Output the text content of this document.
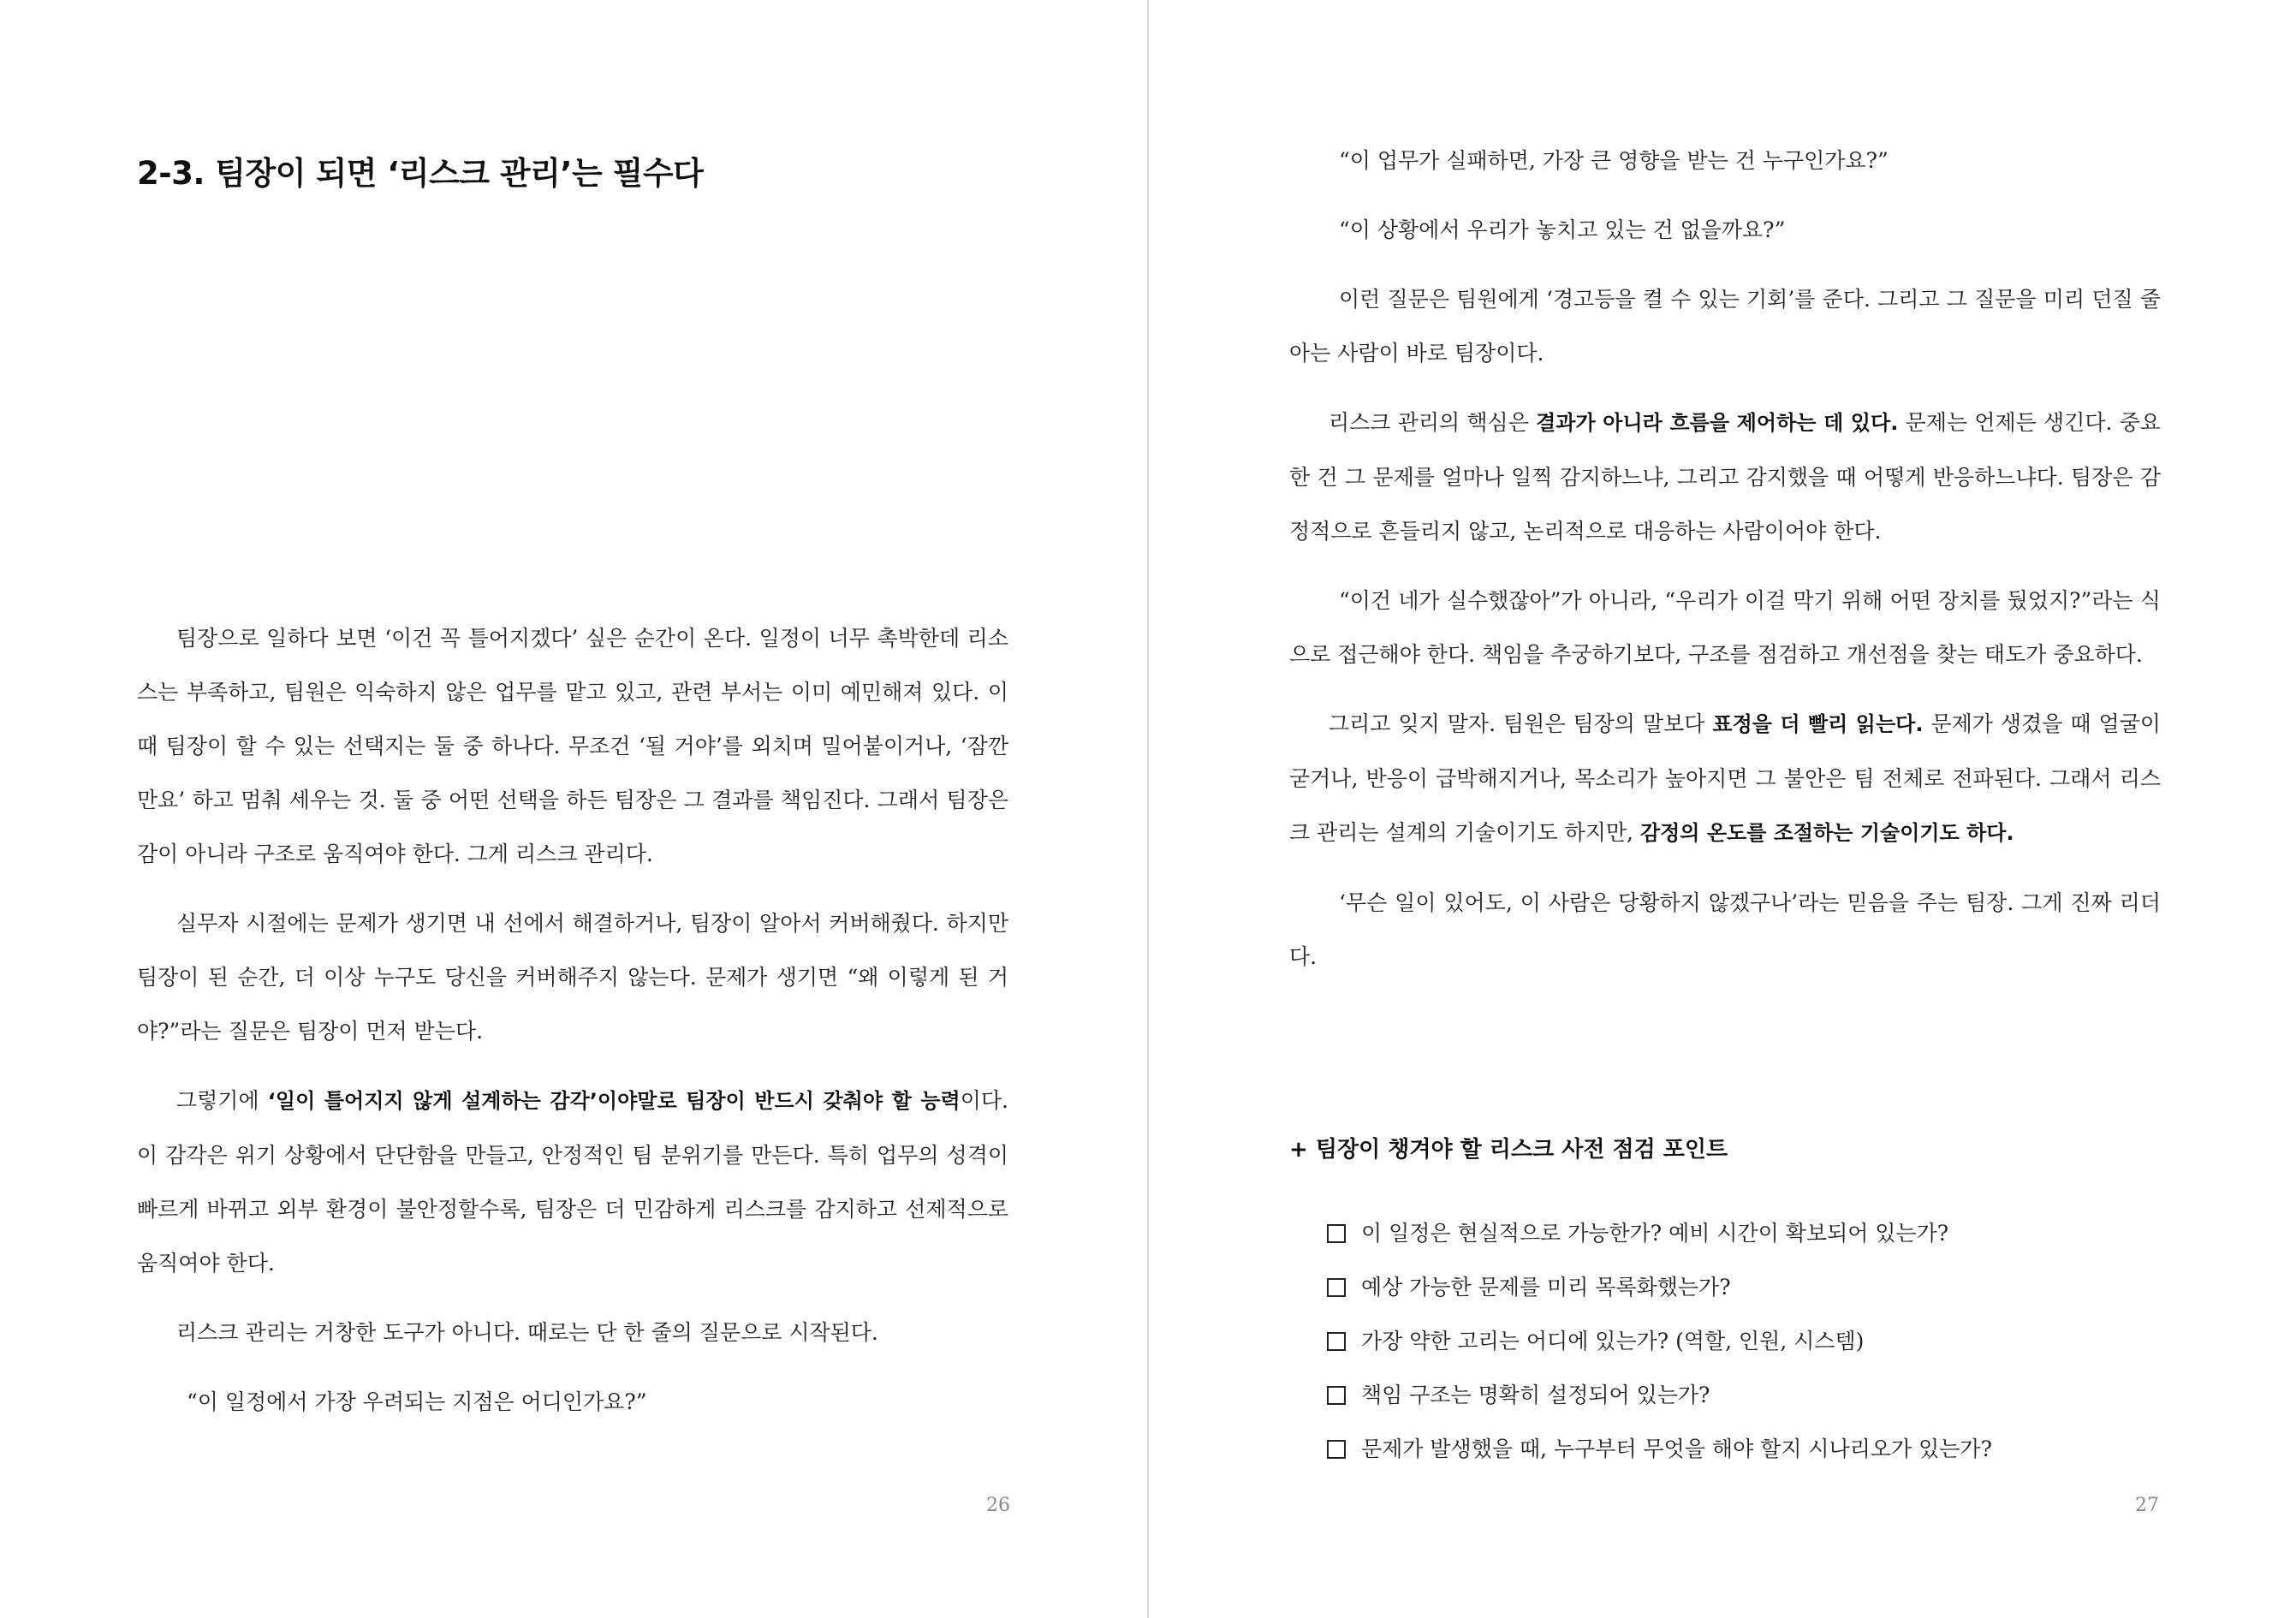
2-3. 팀장이 되면 ‘리스크 관리’는 필수다

팀장으로 일하다 보면 ‘이건 꼭 틀어지겠다’ 싶은 순간이 온다. 일정이 너무 촉박한데 리소스는 부족하고, 팀원은 익숙하지 않은 업무를 맡고 있고, 관련 부서는 이미 예민해져 있다. 이때 팀장이 할 수 있는 선택지는 둘 중 하나다. 무조건 ‘될 거야’를 외치며 밀어붙이거나, ‘잠깐만요’ 하고 멈춰 세우는 것. 둘 중 어떤 선택을 하든 팀장은 그 결과를 책임진다. 그래서 팀장은 감이 아니라 구조로 움직여야 한다. 그게 리스크 관리다.

실무자 시절에는 문제가 생기면 내 선에서 해결하거나, 팀장이 알아서 커버해줬다. 하지만 팀장이 된 순간, 더 이상 누구도 당신을 커버해주지 않는다. 문제가 생기면 “왜 이렇게 된 거야?”라는 질문은 팀장이 먼저 받는다.

그렇기에 ‘일이 틀어지지 않게 설계하는 감각’이야말로 팀장이 반드시 갖춰야 할 능력이다. 이 감각은 위기 상황에서 단단함을 만들고, 안정적인 팀 분위기를 만든다. 특히 업무의 성격이 빠르게 바뀌고 외부 환경이 불안정할수록, 팀장은 더 민감하게 리스크를 감지하고 선제적으로 움직여야 한다.

리스크 관리는 거창한 도구가 아니다. 때로는 단 한 줄의 질문으로 시작된다.

“이 일정에서 가장 우려되는 지점은 어디인가요?”

26

“이 업무가 실패하면, 가장 큰 영향을 받는 건 누구인가요?”

“이 상황에서 우리가 놓치고 있는 건 없을까요?”

이런 질문은 팀원에게 ‘경고등을 켤 수 있는 기회’를 준다. 그리고 그 질문을 미리 던질 줄 아는 사람이 바로 팀장이다.

리스크 관리의 핵심은 결과가 아니라 흐름을 제어하는 데 있다. 문제는 언제든 생긴다. 중요한 건 그 문제를 얼마나 일찍 감지하느냐, 그리고 감지했을 때 어떻게 반응하느냐다. 팀장은 감정적으로 흔들리지 않고, 논리적으로 대응하는 사람이어야 한다.

“이건 네가 실수했잖아”가 아니라, “우리가 이걸 막기 위해 어떤 장치를 뒀었지?”라는 식으로 접근해야 한다. 책임을 추궁하기보다, 구조를 점검하고 개선점을 찾는 태도가 중요하다.

그리고 잊지 말자. 팀원은 팀장의 말보다 표정을 더 빨리 읽는다. 문제가 생겼을 때 얼굴이 굳거나, 반응이 급박해지거나, 목소리가 높아지면 그 불안은 팀 전체로 전파된다. 그래서 리스크 관리는 설계의 기술이기도 하지만, 감정의 온도를 조절하는 기술이기도 하다.

‘무슨 일이 있어도, 이 사람은 당황하지 않겠구나’라는 믿음을 주는 팀장. 그게 진짜 리더다.

+ 팀장이 챙겨야 할 리스크 사전 점검 포인트
이 일정은 현실적으로 가능한가? 예비 시간이 확보되어 있는가?
예상 가능한 문제를 미리 목록화했는가?
가장 약한 고리는 어디에 있는가? (역할, 인원, 시스템)
책임 구조는 명확히 설정되어 있는가?
문제가 발생했을 때, 누구부터 무엇을 해야 할지 시나리오가 있는가?
27
